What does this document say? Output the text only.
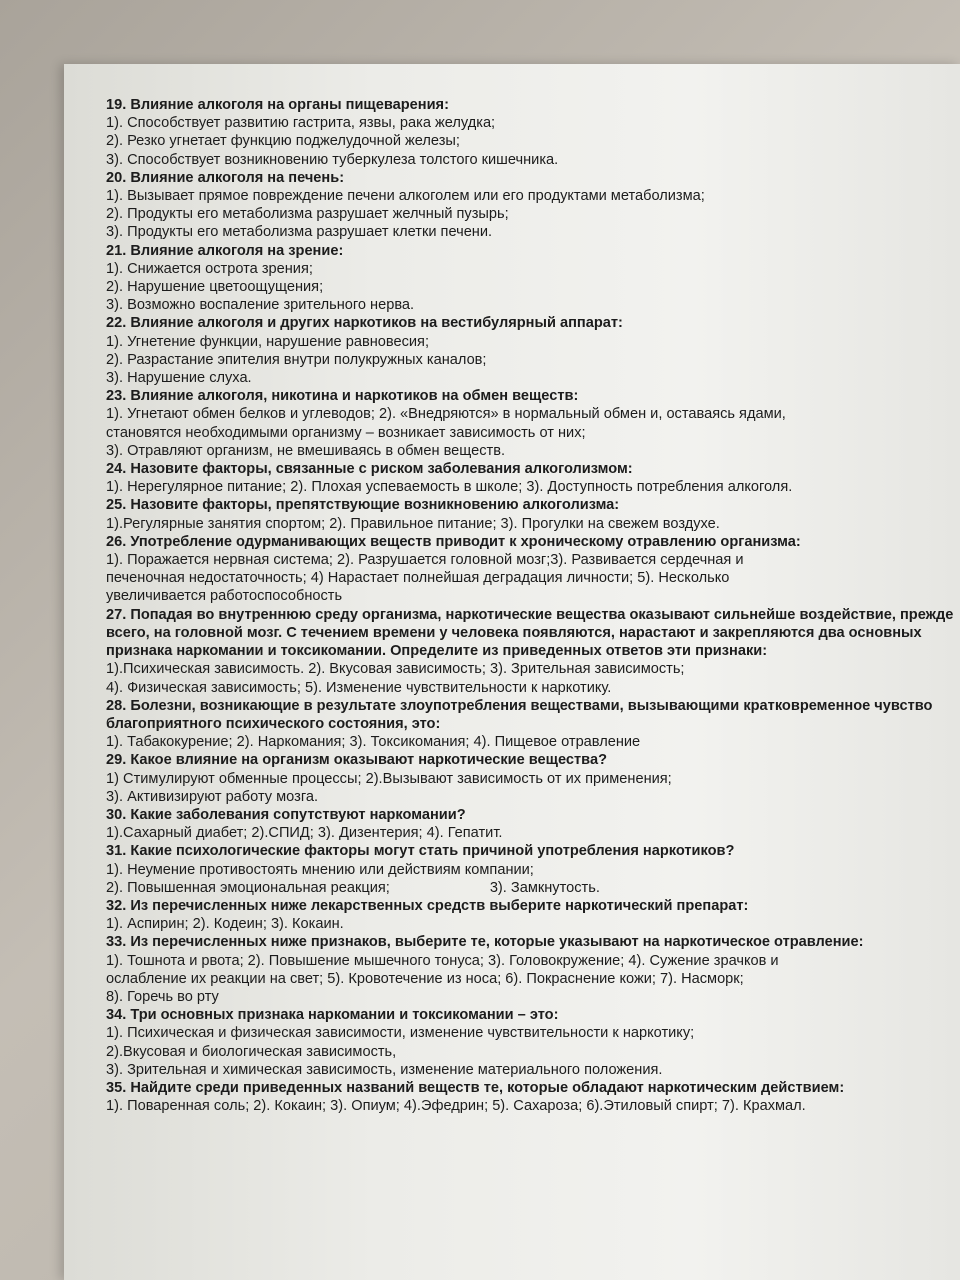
19. Влияние алкоголя на органы пищеварения:
1). Способствует развитию гастрита, язвы, рака желудка;
2). Резко угнетает функцию поджелудочной железы;
3). Способствует возникновению туберкулеза толстого кишечника.
20. Влияние алкоголя на печень:
1). Вызывает прямое повреждение печени алкоголем или его продуктами метаболизма;
2). Продукты его метаболизма разрушает желчный пузырь;
3). Продукты его метаболизма разрушает клетки печени.
21. Влияние алкоголя на зрение:
1). Снижается острота зрения;
2). Нарушение цветоощущения;
3). Возможно воспаление зрительного нерва.
22. Влияние алкоголя и других наркотиков на вестибулярный аппарат:
1). Угнетение функции, нарушение равновесия;
2). Разрастание эпителия внутри полукружных каналов;
3). Нарушение слуха.
23. Влияние алкоголя, никотина и наркотиков на обмен веществ:
1). Угнетают обмен белков и углеводов; 2). «Внедряются» в нормальный обмен и, оставаясь ядами,
становятся необходимыми организму – возникает зависимость от них;
3). Отравляют организм, не вмешиваясь в обмен веществ.
24. Назовите факторы, связанные с риском заболевания алкоголизмом:
1). Нерегулярное питание; 2). Плохая успеваемость в школе; 3). Доступность потребления алкоголя.
25. Назовите факторы, препятствующие возникновению алкоголизма:
1).Регулярные занятия спортом; 2). Правильное питание; 3). Прогулки на свежем воздухе.
26. Употребление одурманивающих веществ приводит к хроническому отравлению организма:
1). Поражается нервная система; 2). Разрушается головной мозг;3). Развивается сердечная и
печеночная недостаточность; 4) Нарастает полнейшая деградация личности; 5). Несколько
увеличивается работоспособность
27. Попадая во внутреннюю среду организма, наркотические вещества оказывают сильнейше воздействие, прежде всего, на головной мозг. С течением времени у человека появляются, нарастают и закрепляются два основных признака наркомании и токсикомании. Определите из приведенных ответов эти признаки:
1).Психическая зависимость. 2). Вкусовая зависимость; 3). Зрительная зависимость;
4). Физическая зависимость; 5). Изменение чувствительности к наркотику.
28. Болезни, возникающие в результате злоупотребления веществами, вызывающими кратковременное чувство благоприятного психического состояния, это:
1). Табакокурение; 2). Наркомания; 3). Токсикомания; 4). Пищевое отравление
29. Какое влияние на организм оказывают наркотические вещества?
1) Стимулируют обменные процессы; 2).Вызывают зависимость от их применения;
3). Активизируют работу мозга.
30. Какие заболевания сопутствуют наркомании?
1).Сахарный диабет; 2).СПИД; 3). Дизентерия; 4). Гепатит.
31. Какие психологические факторы могут стать причиной употребления наркотиков?
1). Неумение противостоять мнению или действиям компании;
2). Повышенная эмоциональная реакция;	3). Замкнутость.
32. Из перечисленных ниже лекарственных средств выберите наркотический препарат:
1). Аспирин; 2). Кодеин; 3). Кокаин.
33. Из перечисленных ниже признаков, выберите те, которые указывают на наркотическое отравление:
1). Тошнота и рвота; 2). Повышение мышечного тонуса; 3). Головокружение; 4). Сужение зрачков и
ослабление их реакции на свет; 5). Кровотечение из носа; 6). Покраснение кожи; 7). Насморк;
8). Горечь во рту
34. Три основных признака наркомании и токсикомании – это:
1). Психическая и физическая зависимости, изменение чувствительности к наркотику;
2).Вкусовая и биологическая зависимость,
3). Зрительная и химическая зависимость, изменение материального положения.
35. Найдите среди приведенных названий веществ те, которые обладают наркотическим действием:
1). Поваренная соль; 2). Кокаин; 3). Опиум; 4).Эфедрин; 5). Сахароза; 6).Этиловый спирт; 7). Крахмал.
